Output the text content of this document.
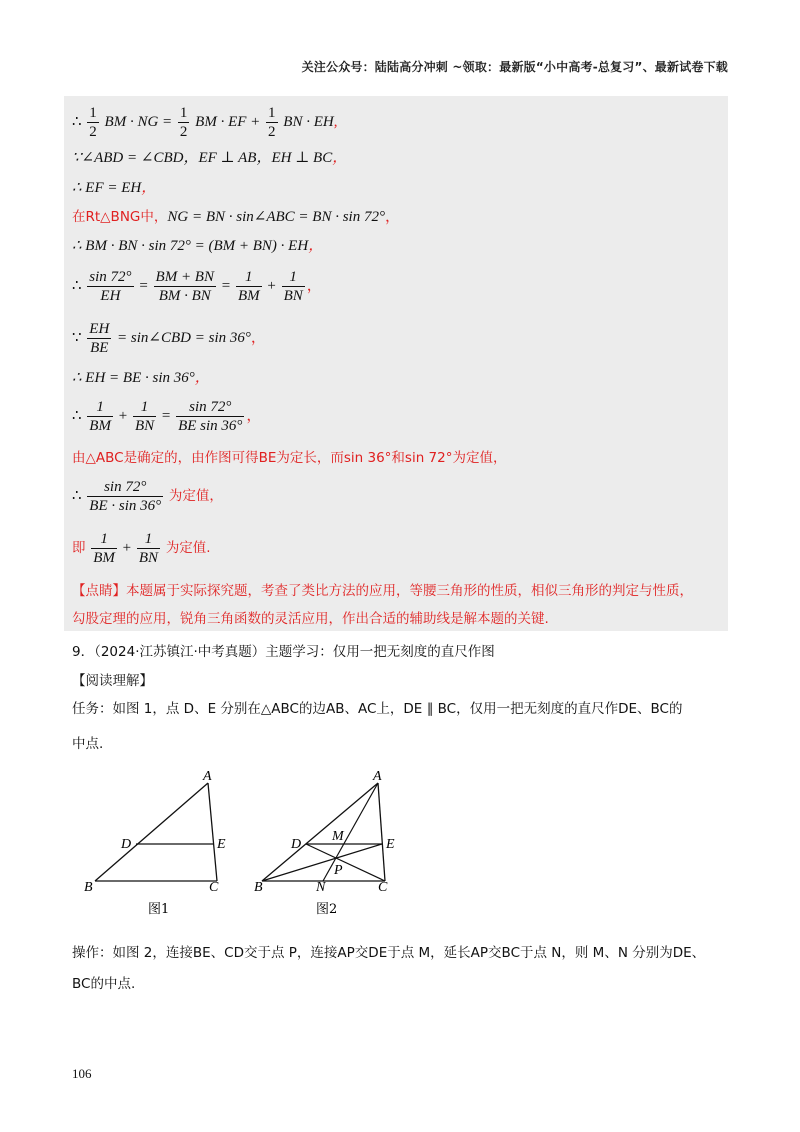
关注公众号：陆陆高分冲刺 ~领取：最新版“小中高考-总复习”、最新试卷下载
∴ $\frac{1}{2}$ BM · NG = $\frac{1}{2}$ BM · EF + $\frac{1}{2}$ BN · EH,
∵∠ABD = ∠CBD，EF ⊥ AB，EH ⊥ BC，
∴ EF = EH，
在Rt△BNG中，NG = BN · sin∠ABC = BN · sin 72°，
∴ BM · BN · sin 72° = (BM + BN) · EH，
∴ $\frac{\sin 72^\circ}{EH} = \frac{BM + BN}{BM \cdot BN} = \frac{1}{BM} + \frac{1}{BN}$ ，
∵ $\frac{EH}{BE}$ = sin∠CBD = sin 36°，
∴ EH = BE · sin 36°，
∴ $\frac{1}{BM} + \frac{1}{BN} = \frac{\sin 72^\circ}{\text{BE sin 36°}}$ ，
由△ABC是确定的，由作图可得BE为定长，而sin 36°和sin 72°为定值，
∴ $\frac{\sin 72^\circ}{BE \cdot \sin 36^\circ}$ 为定值，
即 $\frac{1}{BM} + \frac{1}{BN}$ 为定值.
【点睛】本题属于实际探究题，考查了类比方法的应用，等腰三角形的性质，相似三角形的判定与性质，
勾股定理的应用，锐角三角函数的灵活应用，作出合适的辅助线是解本题的关键.
9．（2024·江苏镇江·中考真题）主题学习：仅用一把无刻度的直尺作图
【阅读理解】
任务：如图 1，点 D、E 分别在△ABC的边AB、AC上，DE ∥ BC，仅用一把无刻度的直尺作DE、BC的
中点.
A
B	C
D	E
图1
A
B	C
D	E
M
P
N
图2
操作：如图 2，连接BE、CD交于点 P，连接AP交DE于点 M，延长AP交BC于点 N，则 M、N 分别为DE、
BC的中点.
106
